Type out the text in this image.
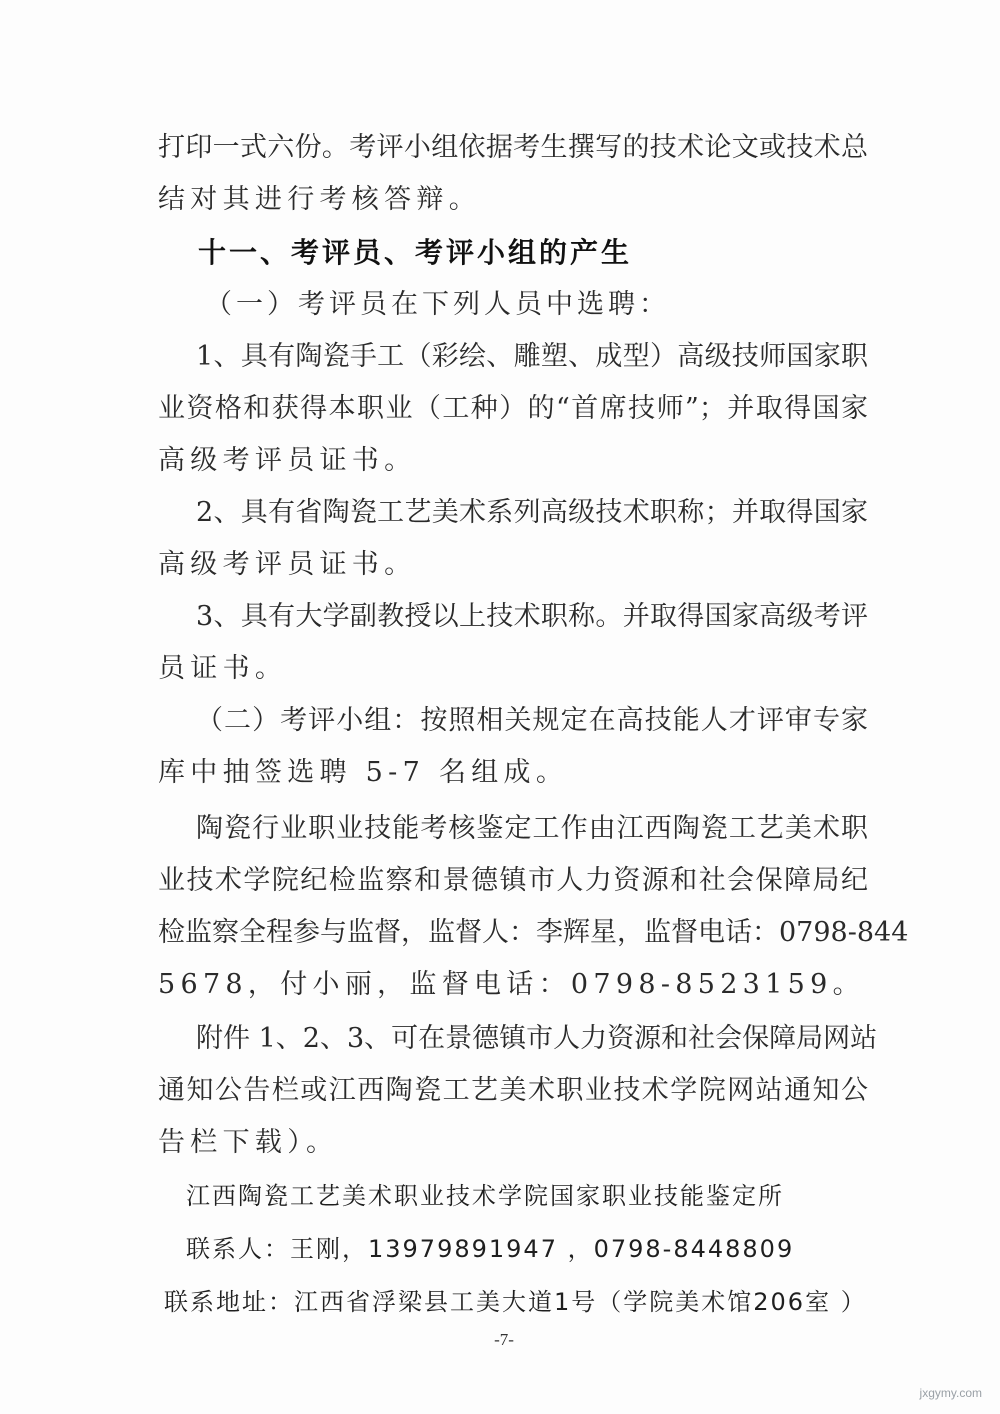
打印一式六份。考评小组依据考生撰写的技术论文或技术总
结对其进行考核答辩。
十一、考评员、考评小组的产生
（一）考评员在下列人员中选聘：
1、具有陶瓷手工（彩绘、雕塑、成型）高级技师国家职
业资格和获得本职业（工种）的“首席技师”；并取得国家
高级考评员证书。
2、具有省陶瓷工艺美术系列高级技术职称；并取得国家
高级考评员证书。
3、具有大学副教授以上技术职称。并取得国家高级考评
员证书。
（二）考评小组：按照相关规定在高技能人才评审专家
库中抽签选聘 5-7 名组成。
陶瓷行业职业技能考核鉴定工作由江西陶瓷工艺美术职
业技术学院纪检监察和景德镇市人力资源和社会保障局纪
检监察全程参与监督，监督人：李辉星，监督电话：0798-844
5678，付小丽，监督电话：0798-8523159。
附件 1、2、3、可在景德镇市人力资源和社会保障局网站
通知公告栏或江西陶瓷工艺美术职业技术学院网站通知公
告栏下载）。
江西陶瓷工艺美术职业技术学院国家职业技能鉴定所
联系人：王刚，13979891947 ，0798-8448809
联系地址：江西省浮梁县工美大道1号（学院美术馆206室 ）
-7-
jxgymy.com
